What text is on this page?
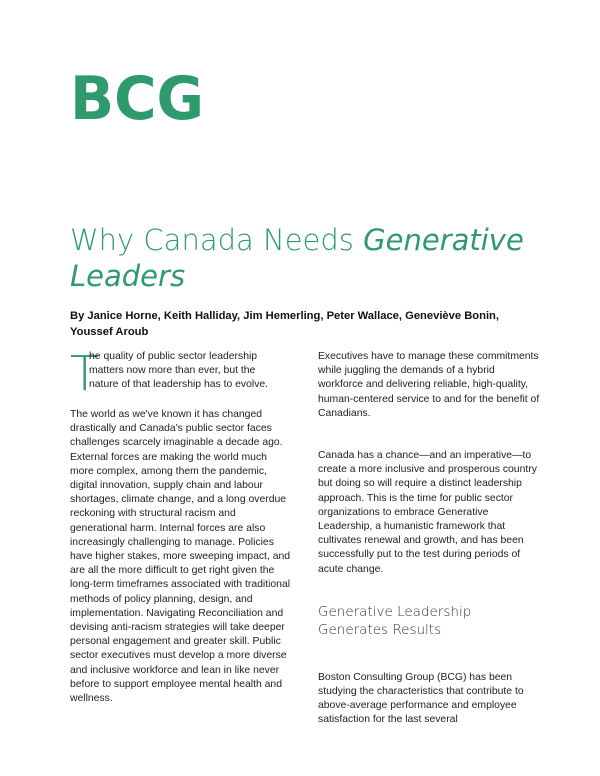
BCG
Why Canada Needs Generative Leaders

By Janice Horne, Keith Halliday, Jim Hemerling, Peter Wallace, Geneviève Bonin, Youssef Aroub

T

he quality of public sector leadership matters now more than ever, but the nature of that leadership has to evolve.

The world as we've known it has changed drastically and Canada's public sector faces challenges scarcely imaginable a decade ago. External forces are making the world much more complex, among them the pandemic, digital innovation, supply chain and labour shortages, climate change, and a long overdue reckoning with structural racism and generational harm. Internal forces are also increasingly challenging to manage. Policies have higher stakes, more sweeping impact, and are all the more difficult to get right given the long-term timeframes associated with traditional methods of policy planning, design, and implementation. Navigating Reconciliation and devising anti-racism strategies will take deeper personal engagement and greater skill. Public sector executives must develop a more diverse and inclusive workforce and lean in like never before to support employee mental health and wellness.

Executives have to manage these commitments while juggling the demands of a hybrid workforce and delivering reliable, high-quality, human-centered service to and for the benefit of Canadians.

Canada has a chance—and an imperative—to create a more inclusive and prosperous country but doing so will require a distinct leadership approach. This is the time for public sector organizations to embrace Generative Leadership, a humanistic framework that cultivates renewal and growth, and has been successfully put to the test during periods of acute change.

Generative Leadership Generates Results

Boston Consulting Group (BCG) has been studying the characteristics that contribute to above-average performance and employee satisfaction for the last several
